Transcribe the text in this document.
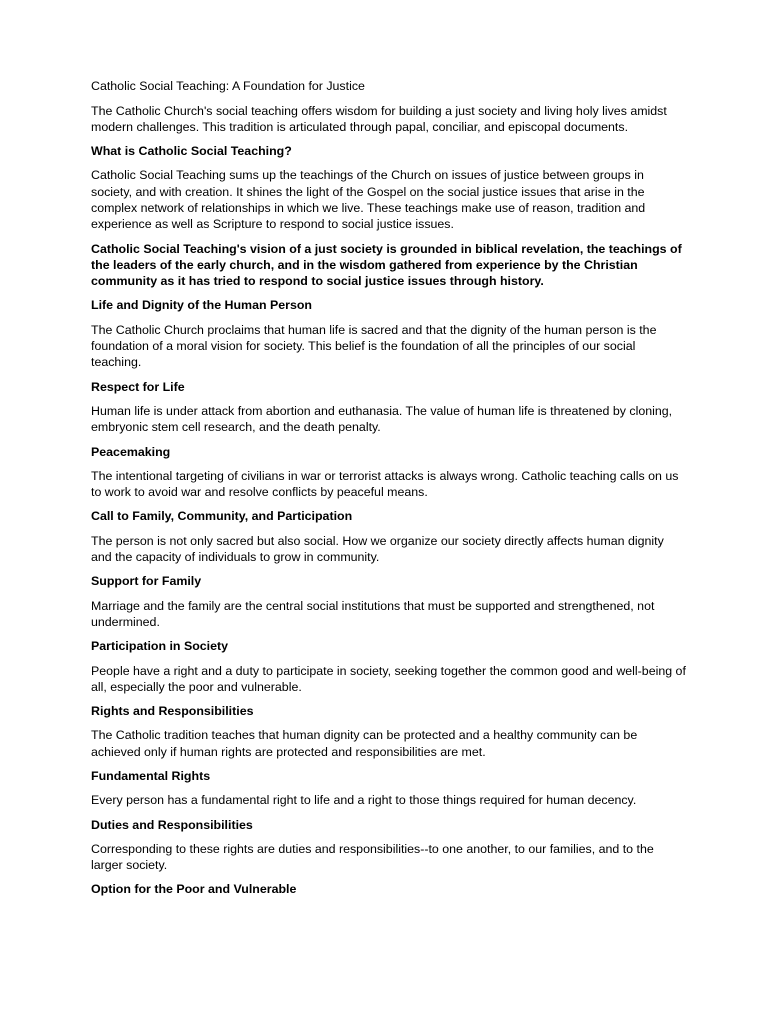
Catholic Social Teaching: A Foundation for Justice

The Catholic Church's social teaching offers wisdom for building a just society and living holy lives amidst modern challenges. This tradition is articulated through papal, conciliar, and episcopal documents.

What is Catholic Social Teaching?

Catholic Social Teaching sums up the teachings of the Church on issues of justice between groups in society, and with creation. It shines the light of the Gospel on the social justice issues that arise in the complex network of relationships in which we live. These teachings make use of reason, tradition and experience as well as Scripture to respond to social justice issues.

Catholic Social Teaching's vision of a just society is grounded in biblical revelation, the teachings of the leaders of the early church, and in the wisdom gathered from experience by the Christian community as it has tried to respond to social justice issues through history.

Life and Dignity of the Human Person

The Catholic Church proclaims that human life is sacred and that the dignity of the human person is the foundation of a moral vision for society. This belief is the foundation of all the principles of our social teaching.

Respect for Life

Human life is under attack from abortion and euthanasia. The value of human life is threatened by cloning, embryonic stem cell research, and the death penalty.

Peacemaking

The intentional targeting of civilians in war or terrorist attacks is always wrong. Catholic teaching calls on us to work to avoid war and resolve conflicts by peaceful means.

Call to Family, Community, and Participation

The person is not only sacred but also social. How we organize our society directly affects human dignity and the capacity of individuals to grow in community.

Support for Family

Marriage and the family are the central social institutions that must be supported and strengthened, not undermined.

Participation in Society

People have a right and a duty to participate in society, seeking together the common good and well-being of all, especially the poor and vulnerable.

Rights and Responsibilities

The Catholic tradition teaches that human dignity can be protected and a healthy community can be achieved only if human rights are protected and responsibilities are met.

Fundamental Rights

Every person has a fundamental right to life and a right to those things required for human decency.

Duties and Responsibilities

Corresponding to these rights are duties and responsibilities--to one another, to our families, and to the larger society.

Option for the Poor and Vulnerable
